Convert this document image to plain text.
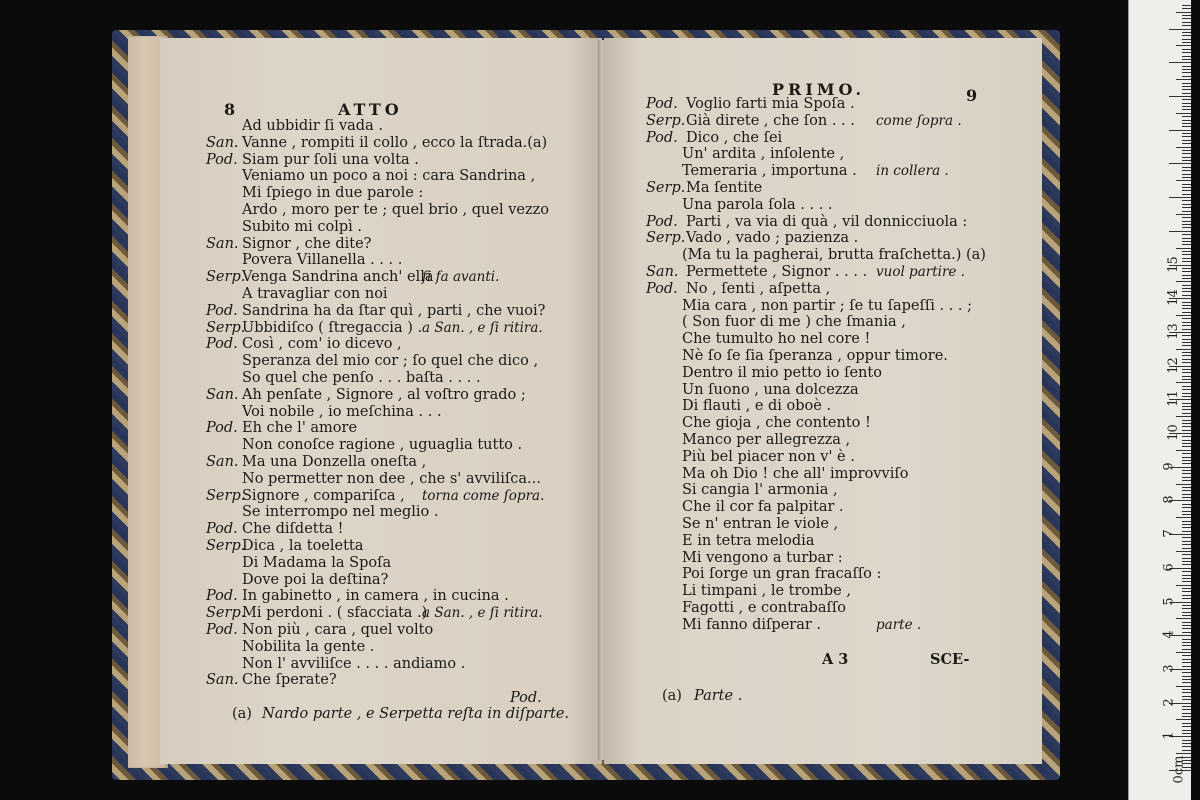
8	ATTO
Ad ubbidir ſi vada .
San. Vanne , rompiti il collo , ecco la ſtrada.(a)
Pod. Siam pur ſoli una volta .
Veniamo un poco a noi : cara Sandrina ,
Mi ſpiego in due parole :
Ardo , moro per te ; quel brio , quel vezzo
Subito mi colpì .
San. Signor , che dite?
Povera Villanella . . . .
Serp.
Venga Sandrina anch' ella
ſi fa avanti.
A travagliar con noi
Pod. Sandrina ha da ſtar quì , parti , che vuoi?
Serp.
Ubbidiſco ( ſtregaccia ) . a San. , e ſi ritira.
Pod. Così , com' io dicevo ,
Speranza del mio cor ; ſo quel che dico ,
So quel che penſo . . . baſta . . . .
San. Ah penſate , Signore , al voſtro grado ;
Voi nobile , io meſchina . . .
Pod. Eh che l' amore
Non conoſce ragione , uguaglia tutto .
San. Ma una Donzella oneſta ,
No permetter non dee , che s' avviliſca...
Serp.
Signore , compariſca , torna come ſopra.
Se interrompo nel meglio .
Pod. Che diſdetta !
Serp.
Dica , la toeletta
Di Madama la Spoſa
Dove poi la deſtina?
Pod. In gabinetto , in camera , in cucina .
Serp.
Mi perdoni . ( sfacciata .)
a San. , e ſi ritira.
Pod. Non più , cara , quel volto
Nobilita la gente .
Non l' avviliſce . . . . andiamo .
San. Che ſperate?
Pod.
(a) Nardo parte , e Serpetta reſta in diſparte.
PRIMO.	9
Pod. Voglio farti mia Spoſa .
Serp. Già direte , che ſon . . . come ſopra .
Pod. Dico , che ſei
Un' ardita , inſolente ,
Temeraria , importuna . in collera .
Serp. Ma ſentite
Una parola ſola . . . .
Pod. Parti , va via di quà , vil donnicciuola :
Serp. Vado , vado ; pazienza .
(Ma tu la pagherai, brutta fraſchetta.) (a)
San. Permettete , Signor . . . . vuol partire .
Pod. No , ſenti , aſpetta ,
Mia cara , non partir ; ſe tu ſapeſſi . . . ;
( Son fuor di me ) che ſmania ,
Che tumulto ho nel core !
Nè ſo ſe ſia ſperanza , oppur timore.
Dentro il mio petto io ſento
Un ſuono , una dolcezza
Di flauti , e di oboè .
Che gioja , che contento !
Manco per allegrezza ,
Più bel piacer non v' è .
Ma oh Dio ! che all' improvviſo
Si cangia l' armonia ,
Che il cor fa palpitar .
Se n' entran le viole ,
E in tetra melodia
Mi vengono a turbar :
Poi ſorge un gran fracaſſo :
Li timpani , le trombe ,
Fagotti , e contrabaſſo
Mi fanno diſperar .	parte .
A 3	SCE-
(a) Parte .
1
2
3
4
5
6
7
8
9
10
11
12
13
14
15
0cm
